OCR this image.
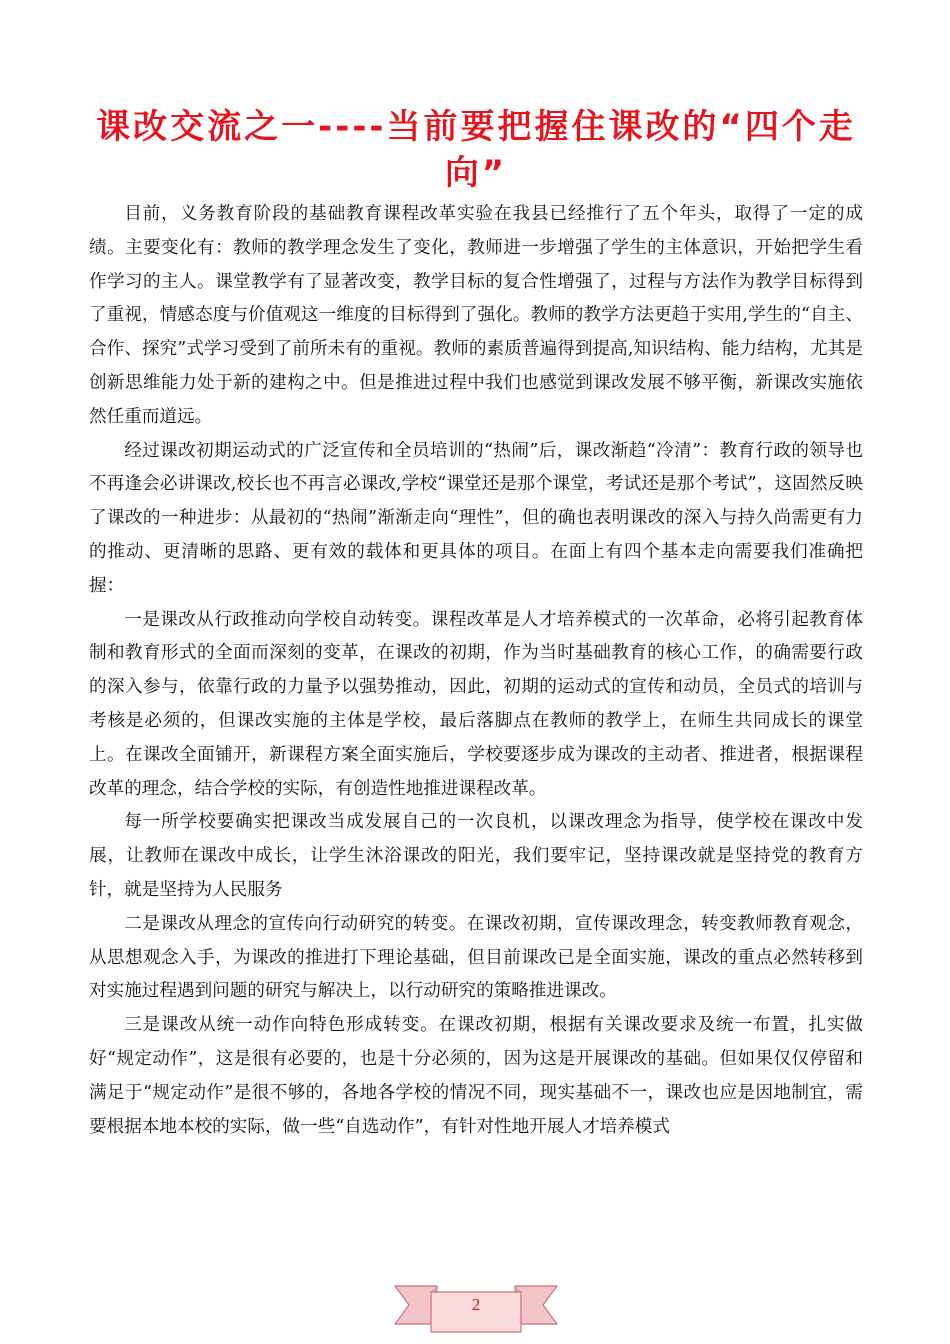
课改交流之一----当前要把握住课改的“四个走向”

目前，义务教育阶段的基础教育课程改革实验在我县已经推行了五个年头，取得了一定的成绩。主要变化有：教师的教学理念发生了变化，教师进一步增强了学生的主体意识，开始把学生看作学习的主人。课堂教学有了显著改变，教学目标的复合性增强了，过程与方法作为教学目标得到了重视，情感态度与价值观这一维度的目标得到了强化。教师的教学方法更趋于实用,学生的“自主、合作、探究”式学习受到了前所未有的重视。教师的素质普遍得到提高,知识结构、能力结构，尤其是创新思维能力处于新的建构之中。但是推进过程中我们也感觉到课改发展不够平衡，新课改实施依然任重而道远。

经过课改初期运动式的广泛宣传和全员培训的“热闹”后，课改渐趋“冷清”：教育行政的领导也不再逢会必讲课改,校长也不再言必课改,学校“课堂还是那个课堂，考试还是那个考试”，这固然反映了课改的一种进步：从最初的“热闹”渐渐走向“理性”，但的确也表明课改的深入与持久尚需更有力的推动、更清晰的思路、更有效的载体和更具体的项目。在面上有四个基本走向需要我们准确把握：

一是课改从行政推动向学校自动转变。课程改革是人才培养模式的一次革命，必将引起教育体制和教育形式的全面而深刻的变革，在课改的初期，作为当时基础教育的核心工作，的确需要行政的深入参与，依靠行政的力量予以强势推动，因此，初期的运动式的宣传和动员，全员式的培训与考核是必须的，但课改实施的主体是学校，最后落脚点在教师的教学上，在师生共同成长的课堂上。在课改全面铺开，新课程方案全面实施后，学校要逐步成为课改的主动者、推进者，根据课程改革的理念，结合学校的实际，有创造性地推进课程改革。

每一所学校要确实把课改当成发展自己的一次良机，以课改理念为指导，使学校在课改中发展，让教师在课改中成长，让学生沐浴课改的阳光，我们要牢记，坚持课改就是坚持党的教育方针，就是坚持为人民服务

二是课改从理念的宣传向行动研究的转变。在课改初期，宣传课改理念，转变教师教育观念，从思想观念入手，为课改的推进打下理论基础，但目前课改已是全面实施，课改的重点必然转移到对实施过程遇到问题的研究与解决上，以行动研究的策略推进课改。

三是课改从统一动作向特色形成转变。在课改初期，根据有关课改要求及统一布置，扎实做好“规定动作”，这是很有必要的，也是十分必须的，因为这是开展课改的基础。但如果仅仅停留和满足于“规定动作”是很不够的，各地各学校的情况不同，现实基础不一，课改也应是因地制宜，需要根据本地本校的实际，做一些“自选动作”，有针对性地开展人才培养模式

2
